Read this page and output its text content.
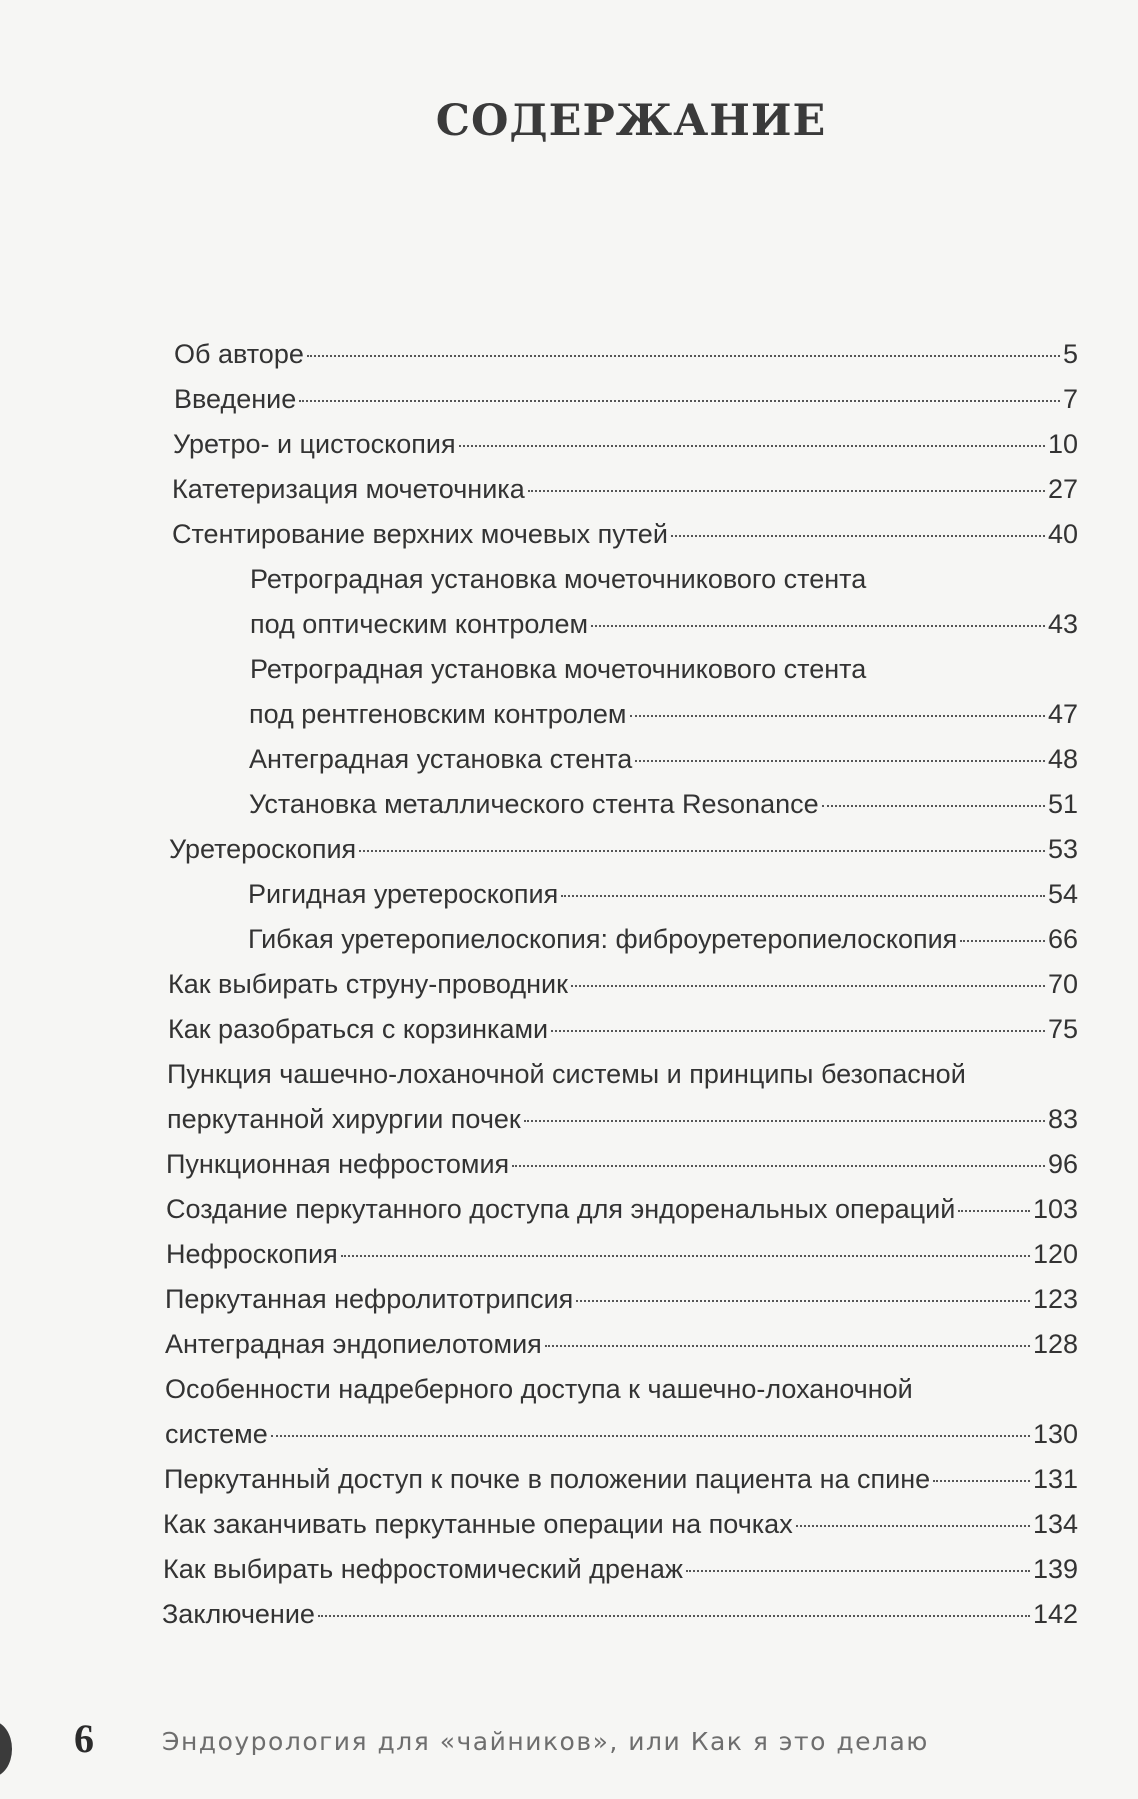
СОДЕРЖАНИЕ
Об авторе	5
Введение	7
Уретро- и цистоскопия	10
Катетеризация мочеточника	27
Стентирование верхних мочевых путей	40
Ретроградная установка мочеточникового стента
под оптическим контролем	43
Ретроградная установка мочеточникового стента
под рентгеновским контролем	47
Антеградная установка стента	48
Установка металлического стента Resonance	51
Уретероскопия	53
Ригидная уретероскопия	54
Гибкая уретеропиелоскопия: фиброуретеропиелоскопия	66
Как выбирать струну-проводник	70
Как разобраться с корзинками	75
Пункция чашечно-лоханочной системы и принципы безопасной
перкутанной хирургии почек	83
Пункционная нефростомия	96
Создание перкутанного доступа для эндоренальных операций	103
Нефроскопия	120
Перкутанная нефролитотрипсия	123
Антеградная эндопиелотомия	128
Особенности надреберного доступа к чашечно-лоханочной
системе	130
Перкутанный доступ к почке в положении пациента на спине	131
Как заканчивать перкутанные операции на почках	134
Как выбирать нефростомический дренаж	139
Заключение	142
6	Эндоурология для «чайников», или Как я это делаю
